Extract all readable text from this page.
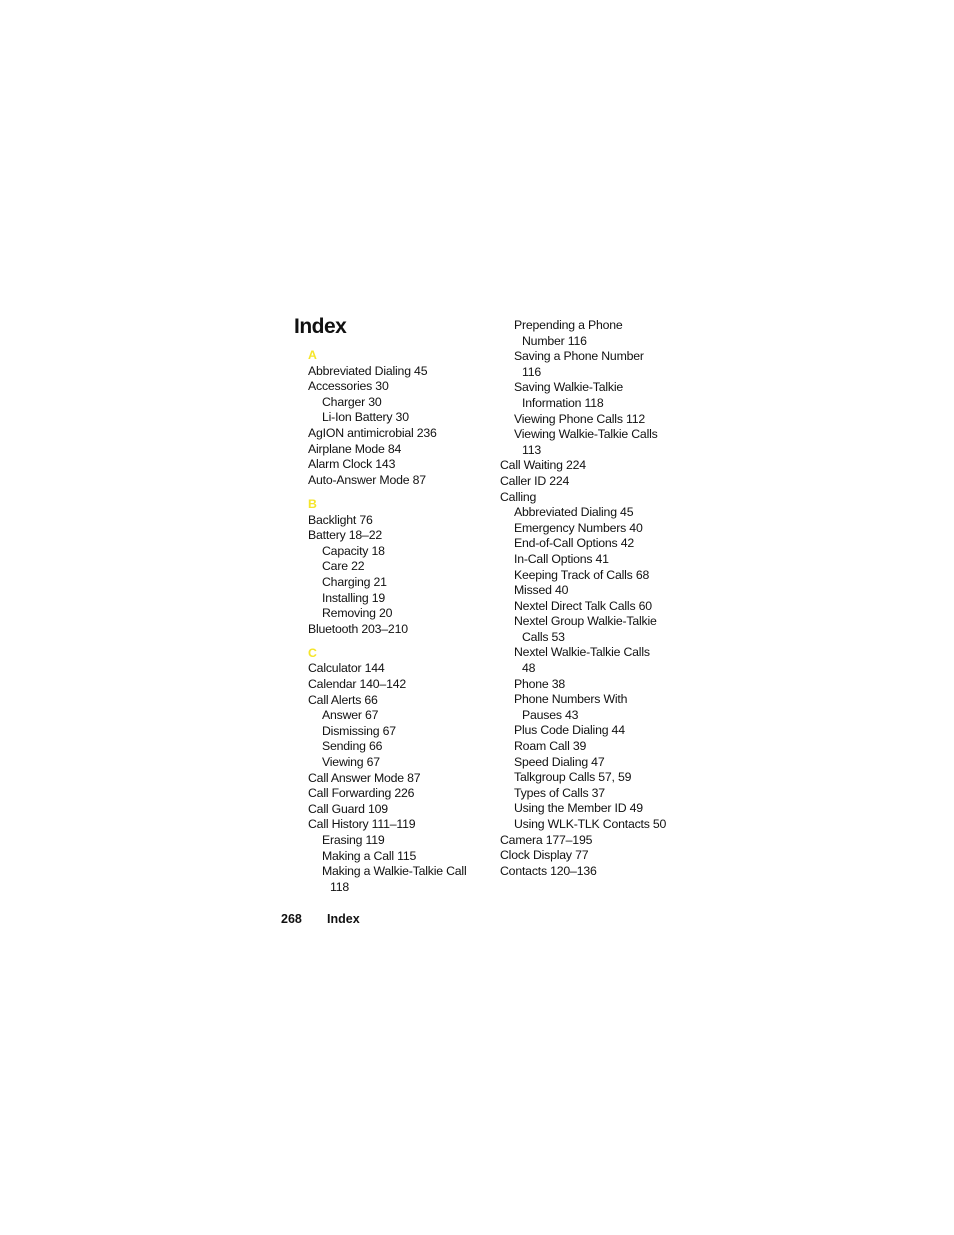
Index
A
Abbreviated Dialing 45
Accessories 30
Charger 30
Li-Ion Battery 30
AgION antimicrobial 236
Airplane Mode 84
Alarm Clock 143
Auto-Answer Mode 87
B
Backlight 76
Battery 18–22
Capacity 18
Care 22
Charging 21
Installing 19
Removing 20
Bluetooth 203–210
C
Calculator 144
Calendar 140–142
Call Alerts 66
Answer 67
Dismissing 67
Sending 66
Viewing 67
Call Answer Mode 87
Call Forwarding 226
Call Guard 109
Call History 111–119
Erasing 119
Making a Call 115
Making a Walkie-Talkie Call
118
Prepending a Phone
Number 116
Saving a Phone Number
116
Saving Walkie-Talkie
Information 118
Viewing Phone Calls 112
Viewing Walkie-Talkie Calls
113
Call Waiting 224
Caller ID 224
Calling
Abbreviated Dialing 45
Emergency Numbers 40
End-of-Call Options 42
In-Call Options 41
Keeping Track of Calls 68
Missed 40
Nextel Direct Talk Calls 60
Nextel Group Walkie-Talkie
Calls 53
Nextel Walkie-Talkie Calls
48
Phone 38
Phone Numbers With
Pauses 43
Plus Code Dialing 44
Roam Call 39
Speed Dialing 47
Talkgroup Calls 57, 59
Types of Calls 37
Using the Member ID 49
Using WLK-TLK Contacts 50
Camera 177–195
Clock Display 77
Contacts 120–136
268 Index
